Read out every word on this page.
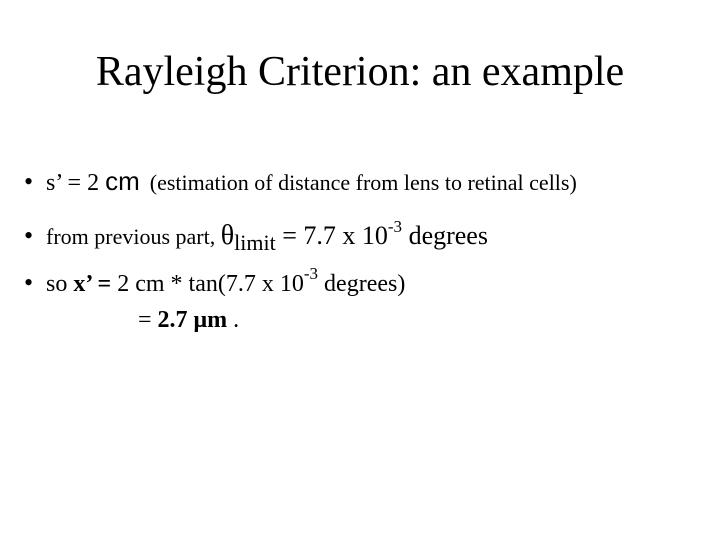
Rayleigh Criterion: an example
• s’ = 2 cm (estimation of distance from lens to retinal cells)
• from previous part, θlimit = 7.7 x 10-3 degrees
• so x’ = 2 cm * tan(7.7 x 10-3 degrees)
= 2.7 μm .
